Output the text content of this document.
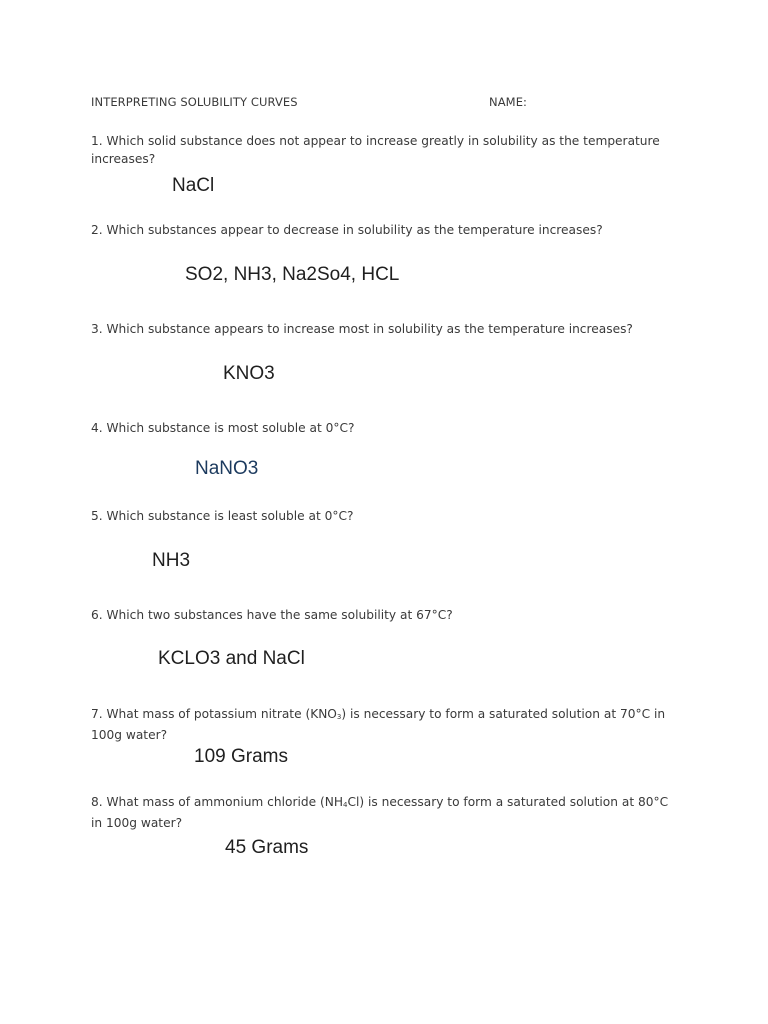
INTERPRETING SOLUBILITY CURVES	NAME:
1. Which solid substance does not appear to increase greatly in solubility as the temperature increases?
NaCl
2. Which substances appear to decrease in solubility as the temperature increases?
SO2, NH3, Na2So4, HCL
3. Which substance appears to increase most in solubility as the temperature increases?
KNO3
4. Which substance is most soluble at 0°C?
NaNO3
5. Which substance is least soluble at 0°C?
NH3
6. Which two substances have the same solubility at 67°C?
KCLO3 and NaCl
7. What mass of potassium nitrate $(KNO_3)$ is necessary to form a saturated solution at 70°C in 100g water?
109 Grams
8. What mass of ammonium chloride $(NH_4Cl)$ is necessary to form a saturated solution at 80°C in 100g water?
45 Grams
